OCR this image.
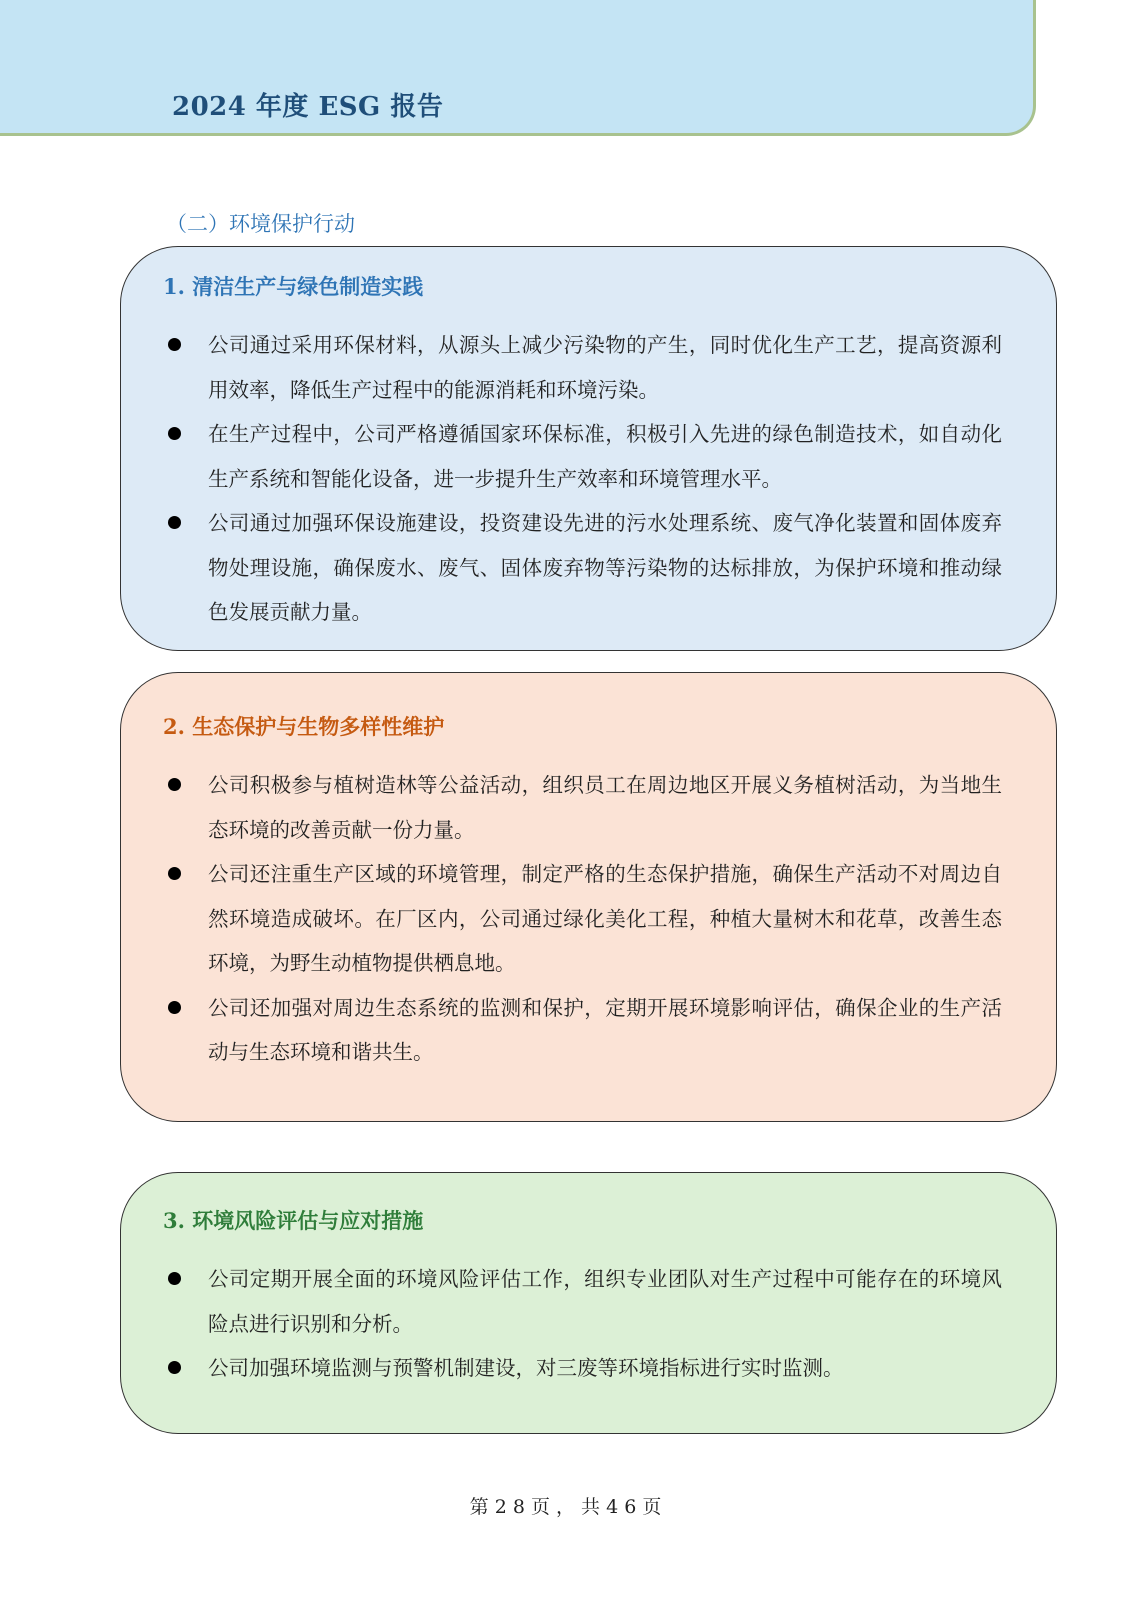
2024 年度 ESG 报告
（二）环境保护行动
1. 清洁生产与绿色制造实践
公司通过采用环保材料，从源头上减少污染物的产生，同时优化生产工艺，提高资源利用效率，降低生产过程中的能源消耗和环境污染。
在生产过程中，公司严格遵循国家环保标准，积极引入先进的绿色制造技术，如自动化生产系统和智能化设备，进一步提升生产效率和环境管理水平。
公司通过加强环保设施建设，投资建设先进的污水处理系统、废气净化装置和固体废弃物处理设施，确保废水、废气、固体废弃物等污染物的达标排放，为保护环境和推动绿色发展贡献力量。
2. 生态保护与生物多样性维护
公司积极参与植树造林等公益活动，组织员工在周边地区开展义务植树活动，为当地生态环境的改善贡献一份力量。
公司还注重生产区域的环境管理，制定严格的生态保护措施，确保生产活动不对周边自然环境造成破坏。在厂区内，公司通过绿化美化工程，种植大量树木和花草，改善生态环境，为野生动植物提供栖息地。
公司还加强对周边生态系统的监测和保护，定期开展环境影响评估，确保企业的生产活动与生态环境和谐共生。
3. 环境风险评估与应对措施
公司定期开展全面的环境风险评估工作，组织专业团队对生产过程中可能存在的环境风险点进行识别和分析。
公司加强环境监测与预警机制建设，对三废等环境指标进行实时监测。
第 2 8 页 ， 共 4 6 页
